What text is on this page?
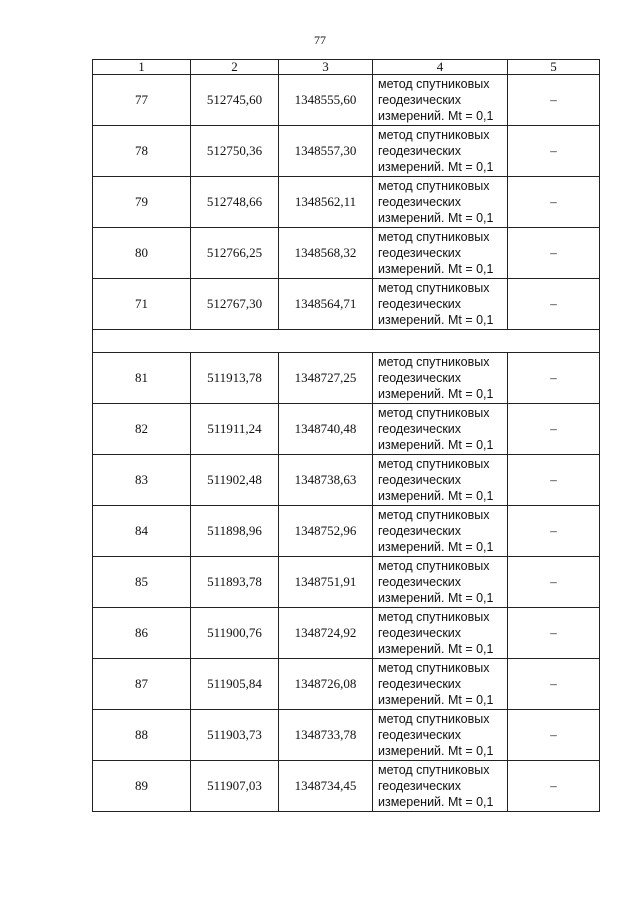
77
1	2	3	4	5
77	512745,60	1348555,60	метод спутниковых
геодезических
измерений. Mt = 0,1	–
78	512750,36	1348557,30	метод спутниковых
геодезических
измерений. Mt = 0,1	–
79	512748,66	1348562,11	метод спутниковых
геодезических
измерений. Mt = 0,1	–
80	512766,25	1348568,32	метод спутниковых
геодезических
измерений. Mt = 0,1	–
71	512767,30	1348564,71	метод спутниковых
геодезических
измерений. Mt = 0,1	–

81	511913,78	1348727,25	метод спутниковых
геодезических
измерений. Mt = 0,1	–
82	511911,24	1348740,48	метод спутниковых
геодезических
измерений. Mt = 0,1	–
83	511902,48	1348738,63	метод спутниковых
геодезических
измерений. Mt = 0,1	–
84	511898,96	1348752,96	метод спутниковых
геодезических
измерений. Mt = 0,1	–
85	511893,78	1348751,91	метод спутниковых
геодезических
измерений. Mt = 0,1	–
86	511900,76	1348724,92	метод спутниковых
геодезических
измерений. Mt = 0,1	–
87	511905,84	1348726,08	метод спутниковых
геодезических
измерений. Mt = 0,1	–
88	511903,73	1348733,78	метод спутниковых
геодезических
измерений. Mt = 0,1	–
89	511907,03	1348734,45	метод спутниковых
геодезических
измерений. Mt = 0,1	–
